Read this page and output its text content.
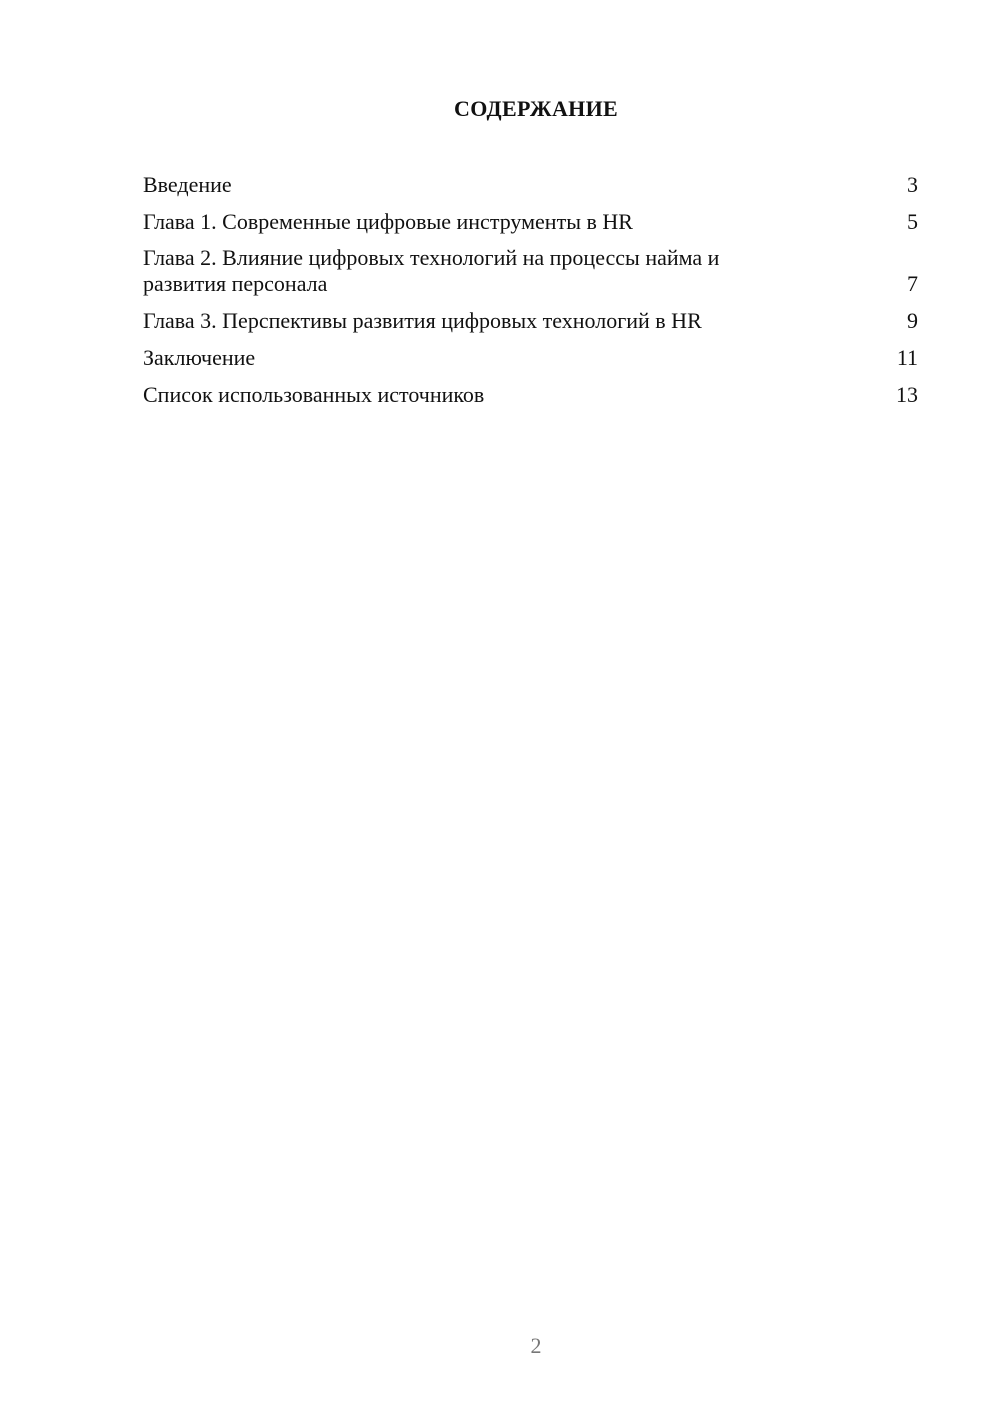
СОДЕРЖАНИЕ
Введение	3
Глава 1. Современные цифровые инструменты в HR	5
Глава 2. Влияние цифровых технологий на процессы найма и
развития персонала	7
Глава 3. Перспективы развития цифровых технологий в HR	9
Заключение	11
Список использованных источников	13
2
